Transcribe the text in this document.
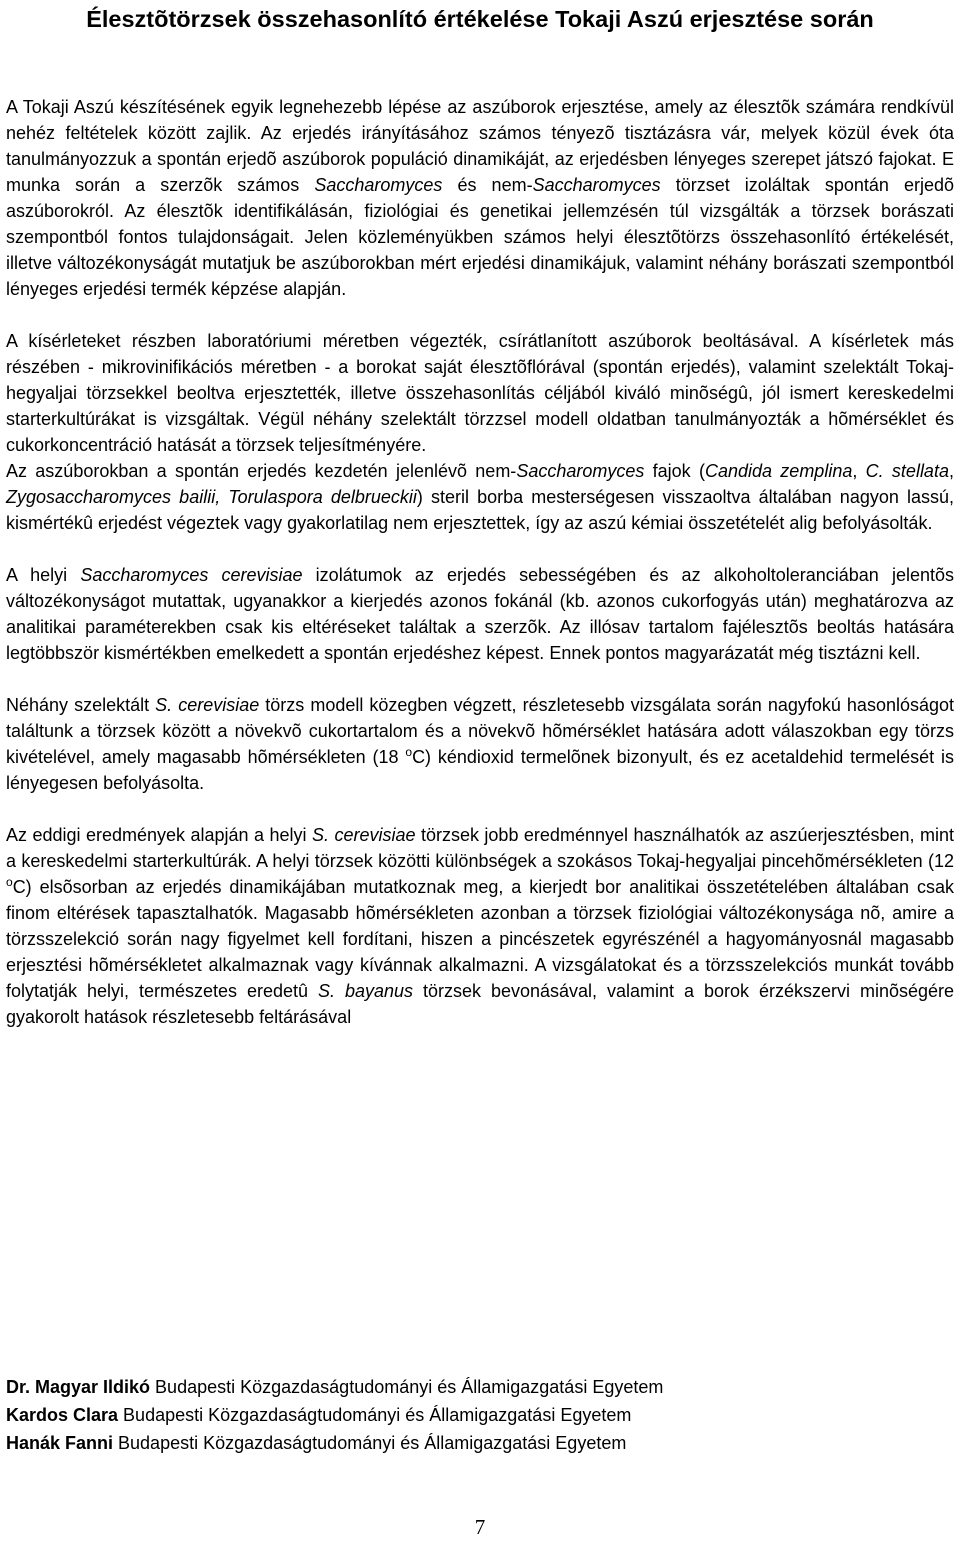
Élesztõtörzsek összehasonlító értékelése Tokaji Aszú erjesztése során

A Tokaji Aszú készítésének egyik legnehezebb lépése az aszúborok erjesztése, amely az élesztõk számára rendkívül nehéz feltételek között zajlik. Az erjedés irányításához számos tényezõ tisztázásra vár, melyek közül évek óta tanulmányozzuk a spontán erjedõ aszúborok populáció dinamikáját, az erjedésben lényeges szerepet játszó fajokat. E munka során a szerzõk számos Saccharomyces és nem-Saccharomyces törzset izoláltak spontán erjedõ aszúborokról. Az élesztõk identifikálásán, fiziológiai és genetikai jellemzésén túl vizsgálták a törzsek borászati szempontból fontos tulajdonságait. Jelen közleményükben számos helyi élesztõtörzs összehasonlító értékelését, illetve változékonyságát mutatjuk be aszúborokban mért erjedési dinamikájuk, valamint néhány borászati szempontból lényeges erjedési termék képzése alapján.

A kísérleteket részben laboratóriumi méretben végezték, csírátlanított aszúborok beoltásával. A kísérletek más részében - mikrovinifikációs méretben - a borokat saját élesztõflórával (spontán erjedés), valamint szelektált Tokaj-hegyaljai törzsekkel beoltva erjesztették, illetve összehasonlítás céljából kiváló minõségû, jól ismert kereskedelmi starterkultúrákat is vizsgáltak. Végül néhány szelektált törzzsel modell oldatban tanulmányozták a hõmérséklet és cukorkoncentráció hatását a törzsek teljesítményére.

Az aszúborokban a spontán erjedés kezdetén jelenlévõ nem-Saccharomyces fajok (Candida zemplina, C. stellata, Zygosaccharomyces bailii, Torulaspora delbrueckii) steril borba mesterségesen visszaoltva általában nagyon lassú, kismértékû erjedést végeztek vagy gyakorlatilag nem erjesztettek, így az aszú kémiai összetételét alig befolyásolták.

A helyi Saccharomyces cerevisiae izolátumok az erjedés sebességében és az alkoholtoleranciában jelentõs változékonyságot mutattak, ugyanakkor a kierjedés azonos fokánál (kb. azonos cukorfogyás után) meghatározva az analitikai paraméterekben csak kis eltéréseket találtak a szerzõk. Az illósav tartalom fajélesztõs beoltás hatására legtöbbször kismértékben emelkedett a spontán erjedéshez képest. Ennek pontos magyarázatát még tisztázni kell.

Néhány szelektált S. cerevisiae törzs modell közegben végzett, részletesebb vizsgálata során nagyfokú hasonlóságot találtunk a törzsek között a növekvõ cukortartalom és a növekvõ hõmérséklet hatására adott válaszokban egy törzs kivételével, amely magasabb hõmérsékleten (18 $^o$C) kéndioxid termelõnek bizonyult, és ez acetaldehid termelését is lényegesen befolyásolta.

Az eddigi eredmények alapján a helyi S. cerevisiae törzsek jobb eredménnyel használhatók az aszúerjesztésben, mint a kereskedelmi starterkultúrák. A helyi törzsek közötti különbségek a szokásos Tokaj-hegyaljai pincehõmérsékleten (12 $^o$C) elsõsorban az erjedés dinamikájában mutatkoznak meg, a kierjedt bor analitikai összetételében általában csak finom eltérések tapasztalhatók. Magasabb hõmérsékleten azonban a törzsek fiziológiai változékonysága nõ, amire a törzsszelekció során nagy figyelmet kell fordítani, hiszen a pincészetek egyrészénél a hagyományosnál magasabb erjesztési hõmérsékletet alkalmaznak vagy kívánnak alkalmazni. A vizsgálatokat és a törzsszelekciós munkát tovább folytatják helyi, természetes eredetû S. bayanus törzsek bevonásával, valamint a borok érzékszervi minõségére gyakorolt hatások részletesebb feltárásával

Dr. Magyar Ildikó Budapesti Közgazdaságtudományi és Államigazgatási Egyetem
Kardos Clara Budapesti Közgazdaságtudományi és Államigazgatási Egyetem
Hanák Fanni Budapesti Közgazdaságtudományi és Államigazgatási Egyetem
7
